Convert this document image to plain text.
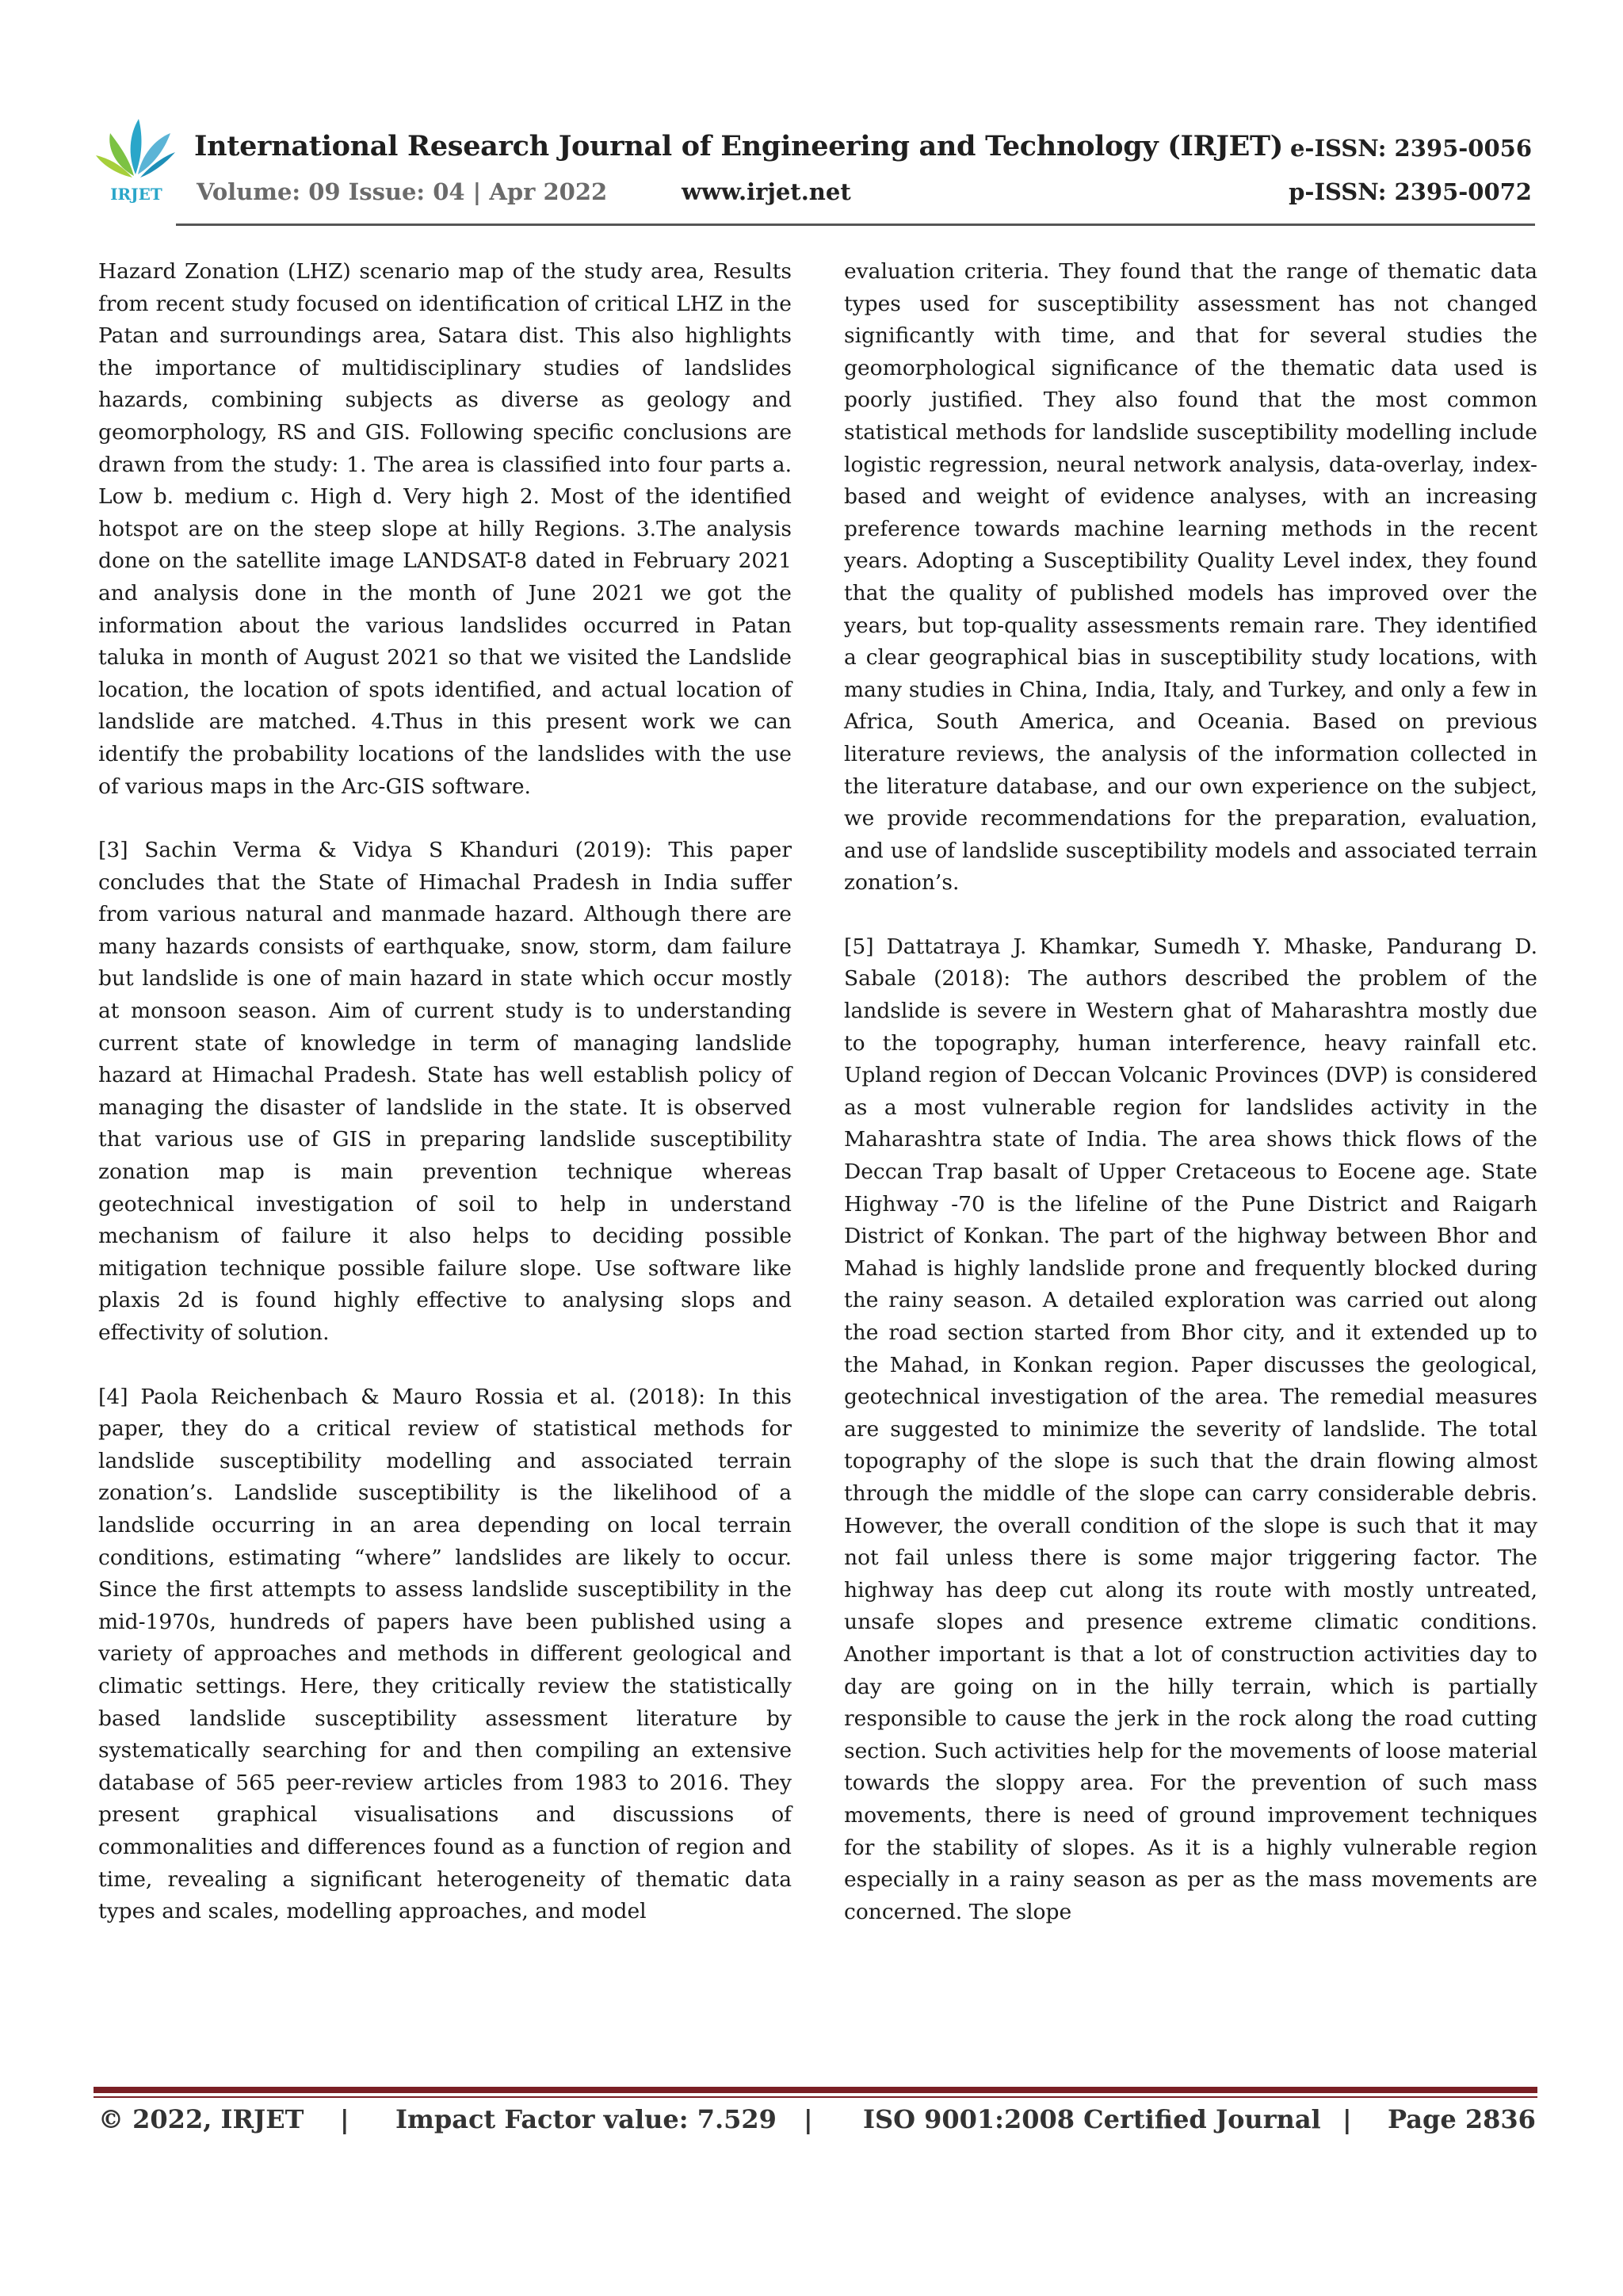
IRJET
International Research Journal of Engineering and Technology (IRJET)
Volume: 09 Issue: 04 | Apr 2022	www.irjet.net
e-ISSN: 2395-0056
p-ISSN: 2395-0072

Hazard Zonation (LHZ) scenario map of the study area, Results from recent study focused on identification of critical LHZ in the Patan and surroundings area, Satara dist. This also highlights the importance of multidisciplinary studies of landslides hazards, combining subjects as diverse as geology and geomorphology, RS and GIS. Following specific conclusions are drawn from the study: 1. The area is classified into four parts a. Low b. medium c. High d. Very high 2. Most of the identified hotspot are on the steep slope at hilly Regions. 3.The analysis done on the satellite image LANDSAT-8 dated in February 2021 and analysis done in the month of June 2021 we got the information about the various landslides occurred in Patan taluka in month of August 2021 so that we visited the Landslide location, the location of spots identified, and actual location of landslide are matched. 4.Thus in this present work we can identify the probability locations of the landslides with the use of various maps in the Arc-GIS software.

[3] Sachin Verma & Vidya S Khanduri (2019): This paper concludes that the State of Himachal Pradesh in India suffer from various natural and manmade hazard. Although there are many hazards consists of earthquake, snow, storm, dam failure but landslide is one of main hazard in state which occur mostly at monsoon season. Aim of current study is to understanding current state of knowledge in term of managing landslide hazard at Himachal Pradesh. State has well establish policy of managing the disaster of landslide in the state. It is observed that various use of GIS in preparing landslide susceptibility zonation map is main prevention technique whereas geotechnical investigation of soil to help in understand mechanism of failure it also helps to deciding possible mitigation technique possible failure slope. Use software like plaxis 2d is found highly effective to analysing slops and effectivity of solution.

[4] Paola Reichenbach & Mauro Rossia et al. (2018): In this paper, they do a critical review of statistical methods for landslide susceptibility modelling and associated terrain zonation’s. Landslide susceptibility is the likelihood of a landslide occurring in an area depending on local terrain conditions, estimating “where” landslides are likely to occur. Since the first attempts to assess landslide susceptibility in the mid-1970s, hundreds of papers have been published using a variety of approaches and methods in different geological and climatic settings. Here, they critically review the statistically based landslide susceptibility assessment literature by systematically searching for and then compiling an extensive database of 565 peer-review articles from 1983 to 2016. They present graphical visualisations and discussions of commonalities and differences found as a function of region and time, revealing a significant heterogeneity of thematic data types and scales, modelling approaches, and model

evaluation criteria. They found that the range of thematic data types used for susceptibility assessment has not changed significantly with time, and that for several studies the geomorphological significance of the thematic data used is poorly justified. They also found that the most common statistical methods for landslide susceptibility modelling include logistic regression, neural network analysis, data-overlay, index-based and weight of evidence analyses, with an increasing preference towards machine learning methods in the recent years. Adopting a Susceptibility Quality Level index, they found that the quality of published models has improved over the years, but top-quality assessments remain rare. They identified a clear geographical bias in susceptibility study locations, with many studies in China, India, Italy, and Turkey, and only a few in Africa, South America, and Oceania. Based on previous literature reviews, the analysis of the information collected in the literature database, and our own experience on the subject, we provide recommendations for the preparation, evaluation, and use of landslide susceptibility models and associated terrain zonation’s.

[5] Dattatraya J. Khamkar, Sumedh Y. Mhaske, Pandurang D. Sabale (2018): The authors described the problem of the landslide is severe in Western ghat of Maharashtra mostly due to the topography, human interference, heavy rainfall etc. Upland region of Deccan Volcanic Provinces (DVP) is considered as a most vulnerable region for landslides activity in the Maharashtra state of India. The area shows thick flows of the Deccan Trap basalt of Upper Cretaceous to Eocene age. State Highway -70 is the lifeline of the Pune District and Raigarh District of Konkan. The part of the highway between Bhor and Mahad is highly landslide prone and frequently blocked during the rainy season. A detailed exploration was carried out along the road section started from Bhor city, and it extended up to the Mahad, in Konkan region. Paper discusses the geological, geotechnical investigation of the area. The remedial measures are suggested to minimize the severity of landslide. The total topography of the slope is such that the drain flowing almost through the middle of the slope can carry considerable debris. However, the overall condition of the slope is such that it may not fail unless there is some major triggering factor. The highway has deep cut along its route with mostly untreated, unsafe slopes and presence extreme climatic conditions. Another important is that a lot of construction activities day to day are going on in the hilly terrain, which is partially responsible to cause the jerk in the rock along the road cutting section. Such activities help for the movements of loose material towards the sloppy area. For the prevention of such mass movements, there is need of ground improvement techniques for the stability of slopes. As it is a highly vulnerable region especially in a rainy season as per as the mass movements are concerned. The slope

© 2022, IRJET | Impact Factor value: 7.529 | ISO 9001:2008 Certified Journal | Page 2836
